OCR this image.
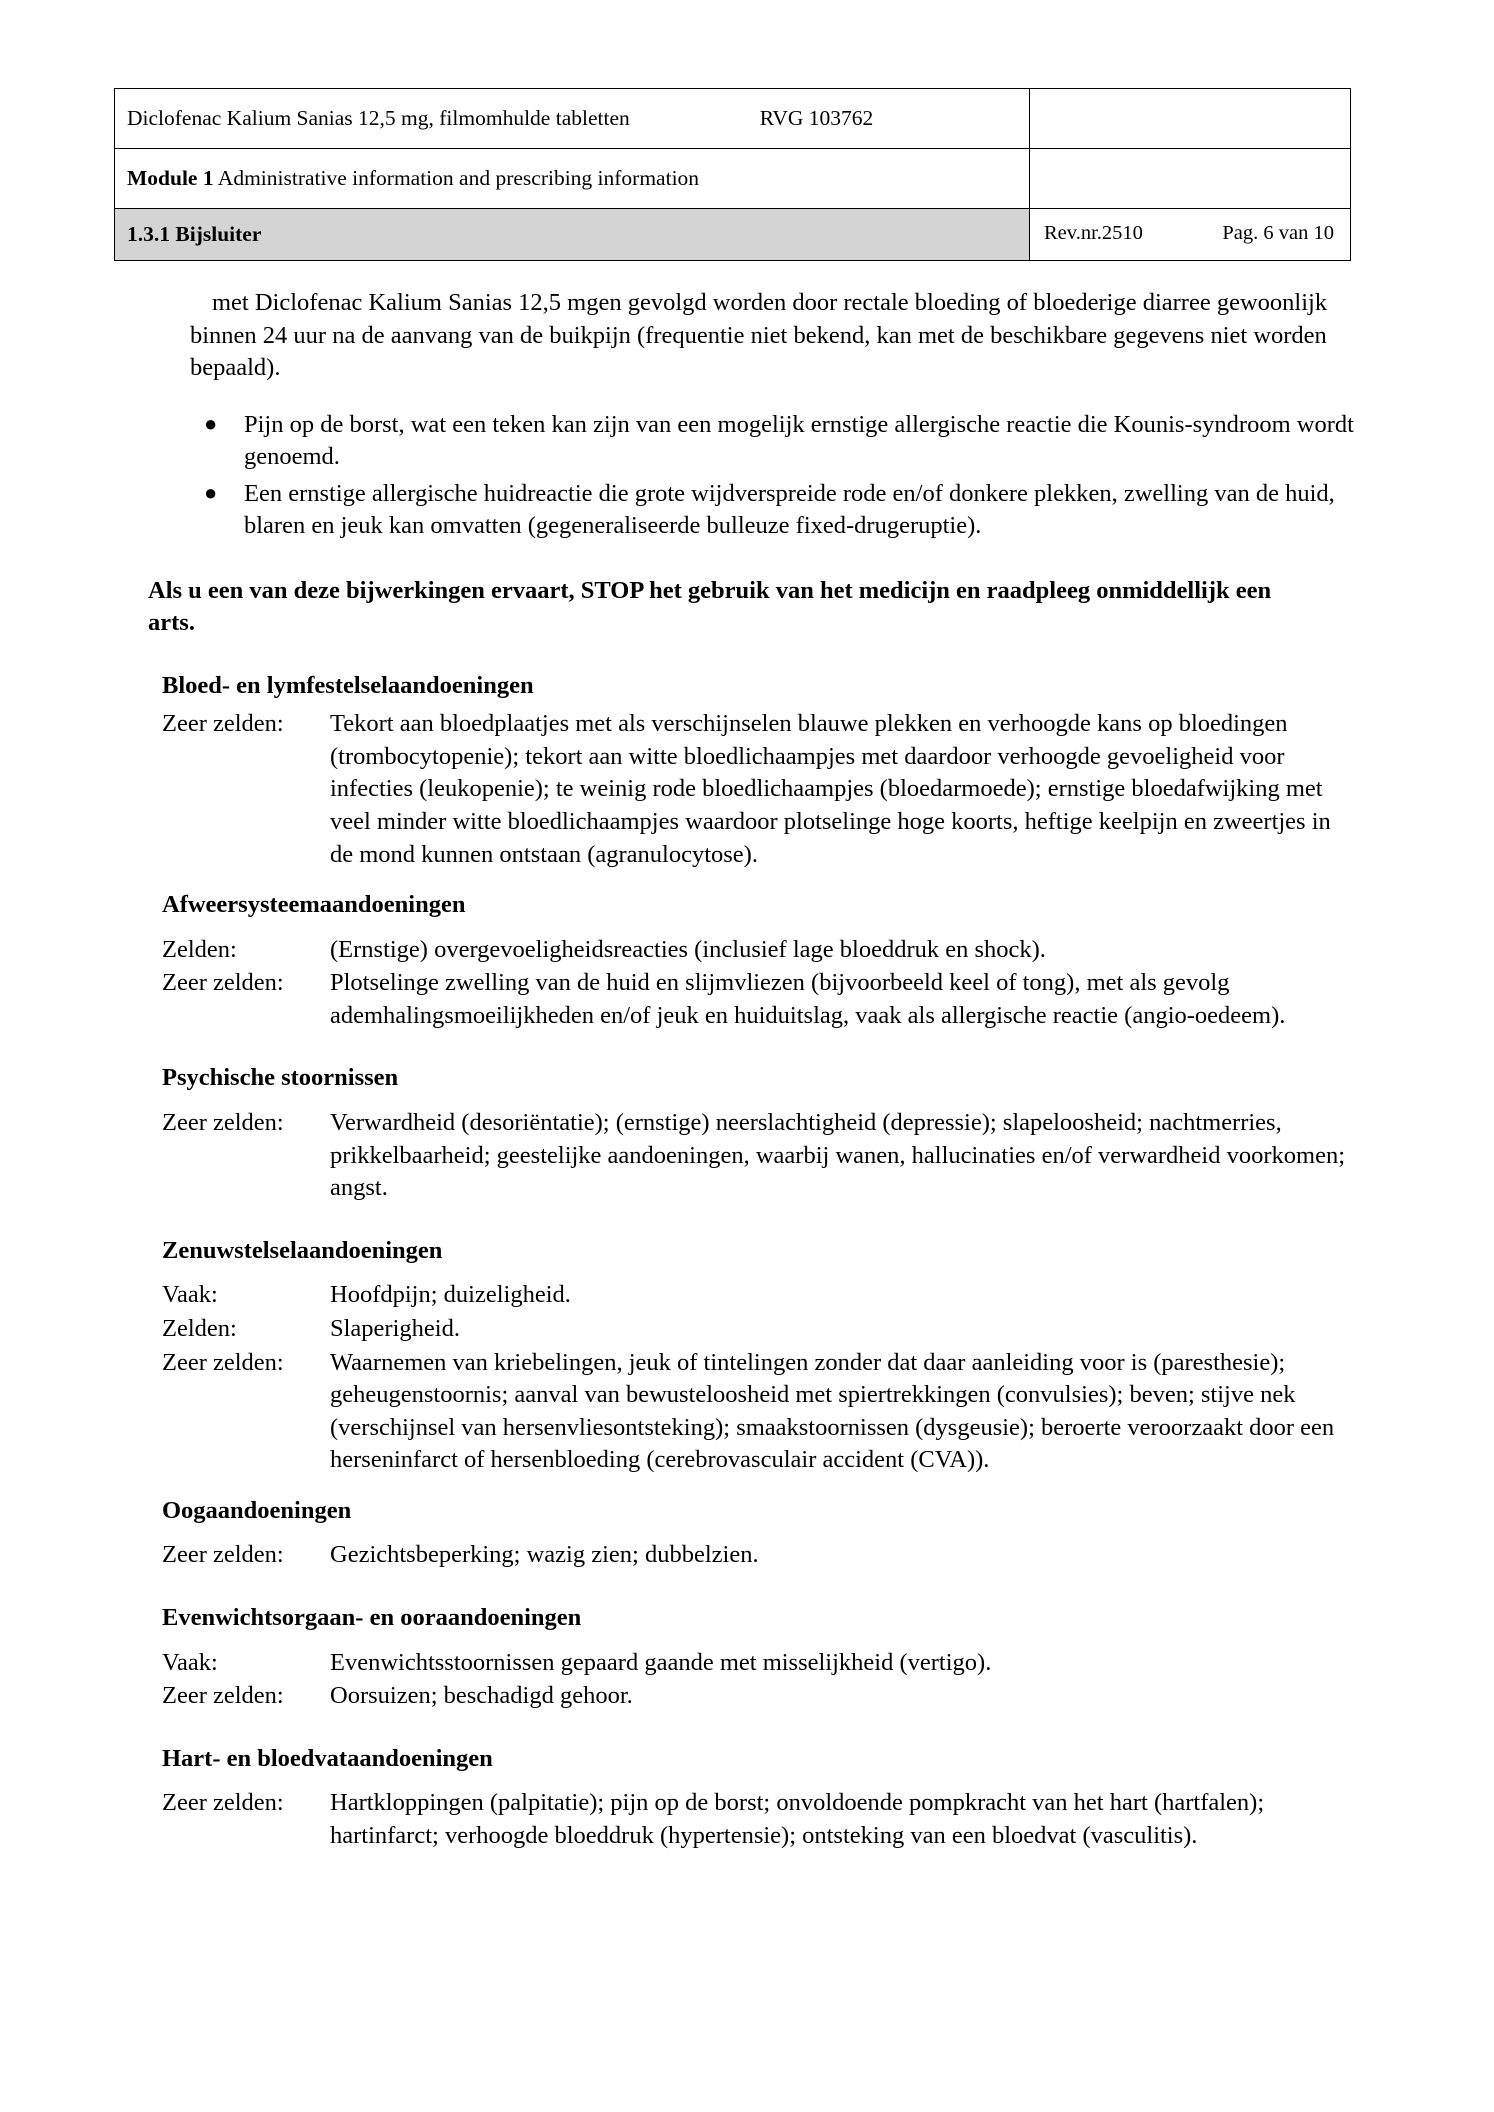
Diclofenac Kalium Sanias 12,5 mg, filmomhulde tabletten RVG 103762	

Module 1 Administrative information and prescribing information	
1.3.1 Bijsluiter	Rev.nr.2510 Pag. 6 van 10

met Diclofenac Kalium Sanias 12,5 mgen gevolgd worden door rectale bloeding of bloederige diarree gewoonlijk binnen 24 uur na de aanvang van de buikpijn (frequentie niet bekend, kan met de beschikbare gegevens niet worden bepaald).

● Pijn op de borst, wat een teken kan zijn van een mogelijk ernstige allergische reactie die Kounis-syndroom wordt genoemd.
● Een ernstige allergische huidreactie die grote wijdverspreide rode en/of donkere plekken, zwelling van de huid, blaren en jeuk kan omvatten (gegeneraliseerde bulleuze fixed-drugeruptie).

Als u een van deze bijwerkingen ervaart, STOP het gebruik van het medicijn en raadpleeg onmiddellijk een arts.

Bloed- en lymfestelselaandoeningen
Zeer zelden:	Tekort aan bloedplaatjes met als verschijnselen blauwe plekken en verhoogde kans op bloedingen (trombocytopenie); tekort aan witte bloedlichaampjes met daardoor verhoogde gevoeligheid voor infecties (leukopenie); te weinig rode bloedlichaampjes (bloedarmoede); ernstige bloedafwijking met veel minder witte bloedlichaampjes waardoor plotselinge hoge koorts, heftige keelpijn en zweertjes in de mond kunnen ontstaan (agranulocytose).
Afweersysteemaandoeningen
Zelden:	(Ernstige) overgevoeligheidsreacties (inclusief lage bloeddruk en shock).
Zeer zelden:	Plotselinge zwelling van de huid en slijmvliezen (bijvoorbeeld keel of tong), met als gevolg ademhalingsmoeilijkheden en/of jeuk en huiduitslag, vaak als allergische reactie (angio-oedeem).
Psychische stoornissen
Zeer zelden:	Verwardheid (desoriëntatie); (ernstige) neerslachtigheid (depressie); slapeloosheid; nachtmerries, prikkelbaarheid; geestelijke aandoeningen, waarbij wanen, hallucinaties en/of verwardheid voorkomen; angst.
Zenuwstelselaandoeningen
Vaak:	Hoofdpijn; duizeligheid.
Zelden:	Slaperigheid.
Zeer zelden:	Waarnemen van kriebelingen, jeuk of tintelingen zonder dat daar aanleiding voor is (paresthesie); geheugenstoornis; aanval van bewusteloosheid met spiertrekkingen (convulsies); beven; stijve nek (verschijnsel van hersenvliesontsteking); smaakstoornissen (dysgeusie); beroerte veroorzaakt door een herseninfarct of hersenbloeding (cerebrovasculair accident (CVA)).
Oogaandoeningen
Zeer zelden:	Gezichtsbeperking; wazig zien; dubbelzien.
Evenwichtsorgaan- en ooraandoeningen
Vaak:	Evenwichtsstoornissen gepaard gaande met misselijkheid (vertigo).
Zeer zelden:	Oorsuizen; beschadigd gehoor.
Hart- en bloedvataandoeningen
Zeer zelden:	Hartkloppingen (palpitatie); pijn op de borst; onvoldoende pompkracht van het hart (hartfalen); hartinfarct; verhoogde bloeddruk (hypertensie); ontsteking van een bloedvat (vasculitis).
